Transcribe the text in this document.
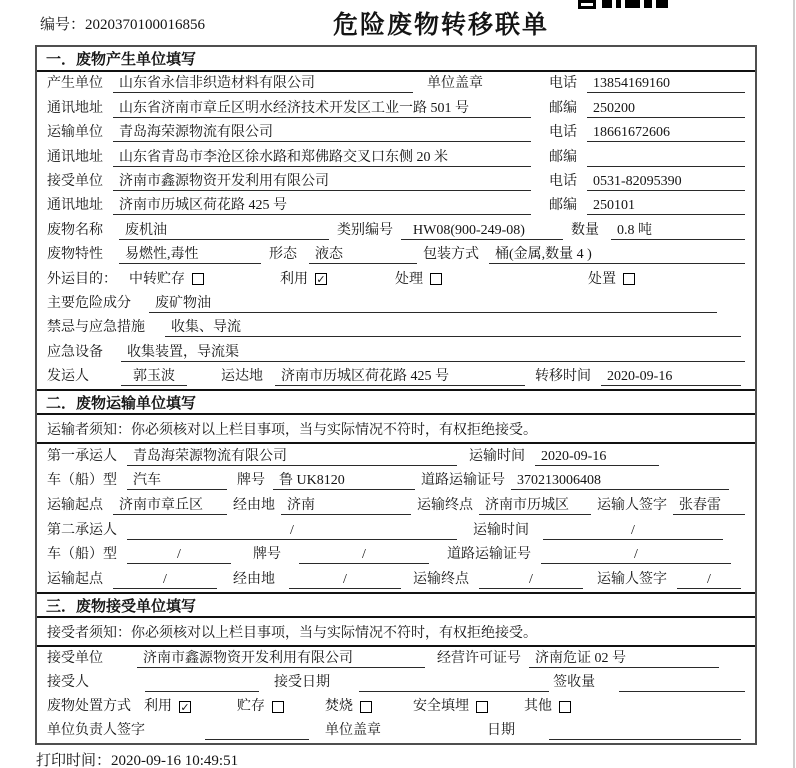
编号：2020370100016856	危险废物转移联单
一．废物产生单位填写
产生单位	山东省永信非织造材料有限公司	单位盖章	电话	13854169160
通讯地址	山东省济南市章丘区明水经济技术开发区工业一路 501 号	邮编	250200
运输单位	青岛海荣源物流有限公司	电话	18661672606
通讯地址	山东省青岛市李沧区徐水路和郑佛路交叉口东侧 20 米	邮编
接受单位	济南市鑫源物资开发利用有限公司	电话	0531-82095390
通讯地址	济南市历城区荷花路 425 号	邮编	250101
废物名称	废机油	类别编号	HW08(900-249-08)	数量	0.8 吨
废物特性	易燃性,毒性	形态	液态	包装方式	桶(金属,数量 4 )
外运目的： 中转贮存	利用 ✓	处理	处置
主要危险成分	废矿物油
禁忌与应急措施	收集、导流
应急设备	收集装置，导流渠
发运人	郭玉波	运达地	济南市历城区荷花路 425 号	转移时间	2020-09-16
二．废物运输单位填写
运输者须知：你必须核对以上栏目事项，当与实际情况不符时，有权拒绝接受。
第一承运人	青岛海荣源物流有限公司	运输时间	2020-09-16
车（船）型	汽车	牌号	鲁 UK8120	道路运输证号 370213006408
运输起点	济南市章丘区	经由地 济南	运输终点 济南市历城区	运输人签字 张春雷
第二承运人	/	运输时间	/
车（船）型	/	牌号	/	道路运输证号	/
运输起点	/	经由地	/	运输终点	/	运输人签字	/
三．废物接受单位填写
接受者须知：你必须核对以上栏目事项，当与实际情况不符时，有权拒绝接受。
接受单位	济南市鑫源物资开发利用有限公司	经营许可证号	济南危证 02 号
接受人	接受日期	签收量
废物处置方式 利用 ✓	贮存	焚烧	安全填埋	其他
单位负责人签字	单位盖章	日期
打印时间：2020-09-16 10:49:51
